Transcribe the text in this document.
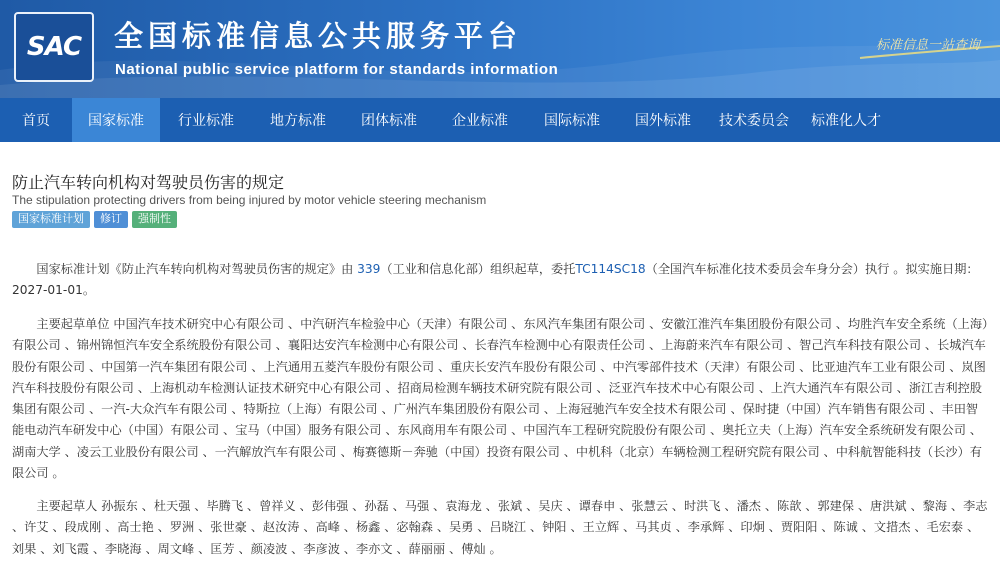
SAC 全国标准信息公共服务平台
National public service platform for standards information
标准信息一站查询
首页	国家标准	行业标准	地方标准	团体标准	企业标准	国际标准	国外标准	技术委员会	标准化人才
防止汽车转向机构对驾驶员伤害的规定
The stipulation protecting drivers from being injured by motor vehicle steering mechanism
国家标准计划	修订	强制性
国家标准计划《防止汽车转向机构对驾驶员伤害的规定》由 339（工业和信息化部）组织起草，委托TC114SC18（全国汽车标准化技术委员会车身分会）执行 。拟实施日期：2027-01-01。
主要起草单位 中国汽车技术研究中心有限公司 、中汽研汽车检验中心（天津）有限公司 、东风汽车集团有限公司 、安徽江淮汽车集团股份有限公司 、均胜汽车安全系统（上海）有限公司 、锦州锦恒汽车安全系统股份有限公司 、襄阳达安汽车检测中心有限公司 、长春汽车检测中心有限责任公司 、上海蔚来汽车有限公司 、智己汽车科技有限公司 、长城汽车股份有限公司 、中国第一汽车集团有限公司 、上汽通用五菱汽车股份有限公司 、重庆长安汽车股份有限公司 、中汽零部件技术（天津）有限公司 、比亚迪汽车工业有限公司 、岚图汽车科技股份有限公司 、上海机动车检测认证技术研究中心有限公司 、招商局检测车辆技术研究院有限公司 、泛亚汽车技术中心有限公司 、上汽大通汽车有限公司 、浙江吉利控股集团有限公司 、一汽-大众汽车有限公司 、特斯拉（上海）有限公司 、广州汽车集团股份有限公司 、上海冠驰汽车安全技术有限公司 、保时捷（中国）汽车销售有限公司 、丰田智能电动汽车研发中心（中国）有限公司 、宝马（中国）服务有限公司 、东风商用车有限公司 、中国汽车工程研究院股份有限公司 、奥托立夫（上海）汽车安全系统研发有限公司 、湖南大学 、凌云工业股份有限公司 、一汽解放汽车有限公司 、梅赛德斯－奔驰（中国）投资有限公司 、中机科（北京）车辆检测工程研究院有限公司 、中科航智能科技（长沙）有限公司 。
主要起草人 孙振东 、杜天强 、毕腾飞 、曾祥义 、彭伟强 、孙磊 、马强 、袁海龙 、张斌 、吴庆 、谭春申 、张慧云 、时洪飞 、潘杰 、陈歆 、郭建保 、唐洪斌 、黎海 、李志 、许艾 、段成刚 、高士艳 、罗洲 、张世豪 、赵汝涛 、高峰 、杨鑫 、宓翰森 、吴勇 、吕晓江 、钟阳 、王立辉 、马其贞 、李承辉 、印炯 、贾阳阳 、陈诚 、文措杰 、毛宏泰 、刘果 、刘飞霞 、李晓海 、周文峰 、匡芳 、颜凌波 、李彦波 、李亦文 、薛丽丽 、傅灿 。
